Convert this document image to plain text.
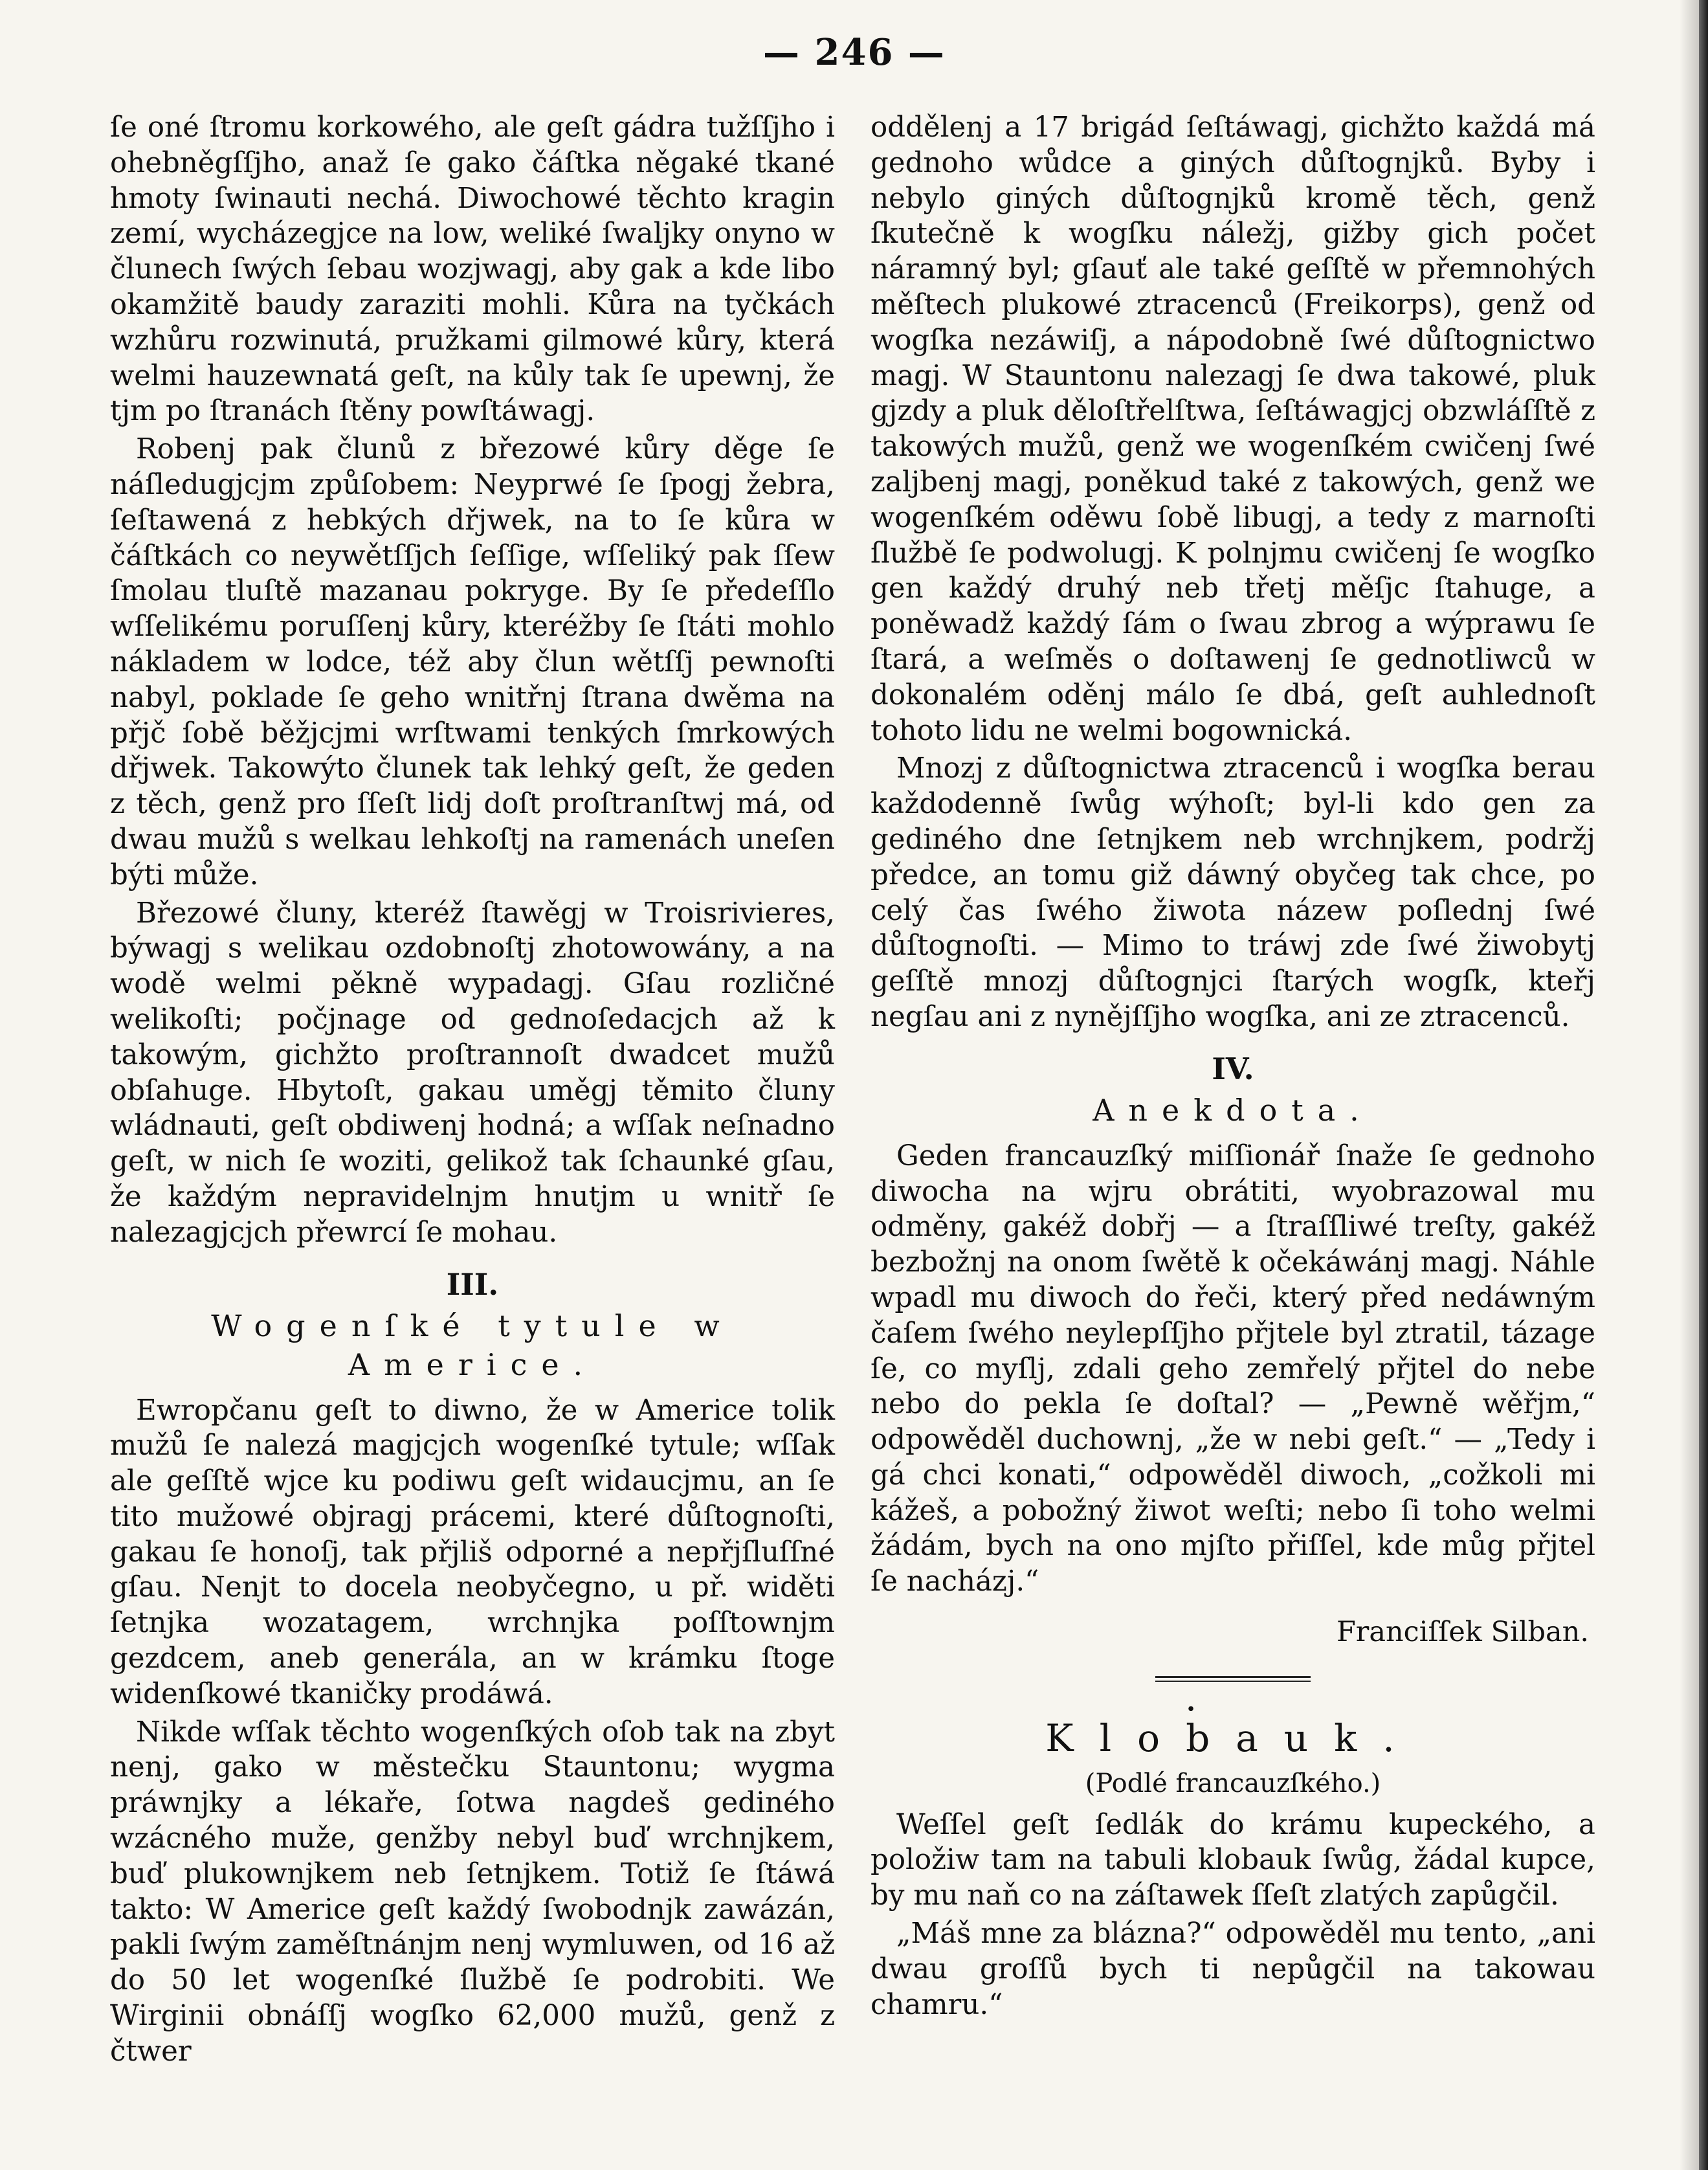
— 246 —

ſe oné ſtromu korkowého, ale geſt gádra tužſſjho i ohebněgſſjho, anaž ſe gako čáſtka něgaké tkané hmoty ſwinauti nechá. Diwochowé těchto kragin zemí, wycházegjce na low, weliké ſwaljky onyno w člunech ſwých ſebau wozjwagj, aby gak a kde libo okamžitě baudy zaraziti mohli. Kůra na tyčkách wzhůru rozwinutá, pružkami gilmowé kůry, která welmi hauzewnatá geſt, na kůly tak ſe upewnj, že tjm po ſtranách ſtěny powſtáwagj.

Robenj pak člunů z březowé kůry děge ſe náſledugjcjm způſobem: Neyprwé ſe ſpogj žebra, ſeſtawená z hebkých dřjwek, na to ſe kůra w čáſtkách co neywětſſjch ſeſſige, wſſeliký pak ſſew ſmolau tluſtě mazanau pokryge. By ſe předeſſlo wſſelikému poruſſenj kůry, kteréžby ſe ſtáti mohlo nákladem w lodce, též aby člun wětſſj pewnoſti nabyl, poklade ſe geho wnitřnj ſtrana dwěma na přjč ſobě běžjcjmi wrſtwami tenkých ſmrkowých dřjwek. Takowýto člunek tak lehký geſt, že geden z těch, genž pro ſſeſt lidj doſt proſtranſtwj má, od dwau mužů s welkau lehkoſtj na ramenách uneſen býti může.

Březowé čluny, kteréž ſtawěgj w Troisrivieres, býwagj s welikau ozdobnoſtj zhotowowány, a na wodě welmi pěkně wypadagj. Gſau rozličné welikoſti; počjnage od gednoſedacjch až k takowým, gichžto proſtrannoſt dwadcet mužů obſahuge. Hbytoſt, gakau uměgj těmito čluny wládnauti, geſt obdiwenj hodná; a wſſak neſnadno geſt, w nich ſe woziti, gelikož tak ſchaunké gſau, že každým nepravidelnjm hnutjm u wnitř ſe nalezagjcjch přewrcí ſe mohau.

III.
Wogenſké tytule w Americe.

Ewropčanu geſt to diwno, že w Americe tolik mužů ſe nalezá magjcjch wogenſké tytule; wſſak ale geſſtě wjce ku podiwu geſt widaucjmu, an ſe tito mužowé objragj prácemi, které důſtognoſti, gakau ſe honoſj, tak přjliš odporné a nepřjſluſſné gſau. Nenjt to docela neobyčegno, u př. widěti ſetnjka wozatagem, wrchnjka poſſtownjm gezdcem, aneb generála, an w krámku ſtoge widenſkowé tkaničky prodáwá.

Nikde wſſak těchto wogenſkých oſob tak na zbyt nenj, gako w městečku Stauntonu; wygma práwnjky a lékaře, ſotwa nagdeš gediného wzácného muže, genžby nebyl buď wrchnjkem, buď plukownjkem neb ſetnjkem. Totiž ſe ſtáwá takto: W Americe geſt každý ſwobodnjk zawázán, pakli ſwým zaměſtnánjm nenj wymluwen, od 16 až do 50 let wogenſké ſlužbě ſe podrobiti. We Wirginii obnáſſj wogſko 62,000 mužů, genž z čtwer

oddělenj a 17 brigád ſeſtáwagj, gichžto každá má gednoho wůdce a giných důſtognjků. Byby i nebylo giných důſtognjků kromě těch, genž ſkutečně k wogſku náležj, gižby gich počet náramný byl; gſauť ale také geſſtě w přemnohých měſtech plukowé ztracenců (Freikorps), genž od wogſka nezáwiſj, a nápodobně ſwé důſtognictwo magj. W Stauntonu nalezagj ſe dwa takowé, pluk gjzdy a pluk děloſtřelſtwa, ſeſtáwagjcj obzwláſſtě z takowých mužů, genž we wogenſkém cwičenj ſwé zaljbenj magj, poněkud také z takowých, genž we wogenſkém oděwu ſobě libugj, a tedy z marnoſti ſlužbě ſe podwolugj. K polnjmu cwičenj ſe wogſko gen každý druhý neb třetj měſjc ſtahuge, a poněwadž každý ſám o ſwau zbrog a wýprawu ſe ſtará, a weſměs o doſtawenj ſe gednotliwců w dokonalém oděnj málo ſe dbá, geſt auhlednoſt tohoto lidu ne welmi bogownická.

Mnozj z důſtognictwa ztracenců i wogſka berau každodenně ſwůg wýhoſt; byl-li kdo gen za gediného dne ſetnjkem neb wrchnjkem, podržj předce, an tomu giž dáwný obyčeg tak chce, po celý čas ſwého žiwota názew poſlednj ſwé důſtognoſti. — Mimo to tráwj zde ſwé žiwobytj geſſtě mnozj důſtognjci ſtarých wogſk, kteřj negſau ani z nynějſſjho wogſka, ani ze ztracenců.

IV.
Anekdota.

Geden francauzſký miſſionář ſnaže ſe gednoho diwocha na wjru obrátiti, wyobrazowal mu odměny, gakéž dobřj — a ſtraſſliwé treſty, gakéž bezbožnj na onom ſwětě k očekáwánj magj. Náhle wpadl mu diwoch do řeči, který před nedáwným čaſem ſwého neylepſſjho přjtele byl ztratil, tázage ſe, co myſlj, zdali geho zemřelý přjtel do nebe nebo do pekla ſe doſtal? — „Pewně wěřjm,“ odpowěděl duchownj, „že w nebi geſt.“ — „Tedy i gá chci konati,“ odpowěděl diwoch, „cožkoli mi kážeš, a pobožný žiwot weſti; nebo ſi toho welmi žádám, bych na ono mjſto přiſſel, kde můg přjtel ſe nacházj.“

Franciſſek Silban.
•
Klobauk.
(Podlé francauzſkého.)

Weſſel geſt ſedlák do krámu kupeckého, a položiw tam na tabuli klobauk ſwůg, žádal kupce, by mu naň co na záſtawek ſſeſt zlatých zapůgčil.

„Máš mne za blázna?“ odpowěděl mu tento, „ani dwau groſſů bych ti nepůgčil na takowau chamru.“
